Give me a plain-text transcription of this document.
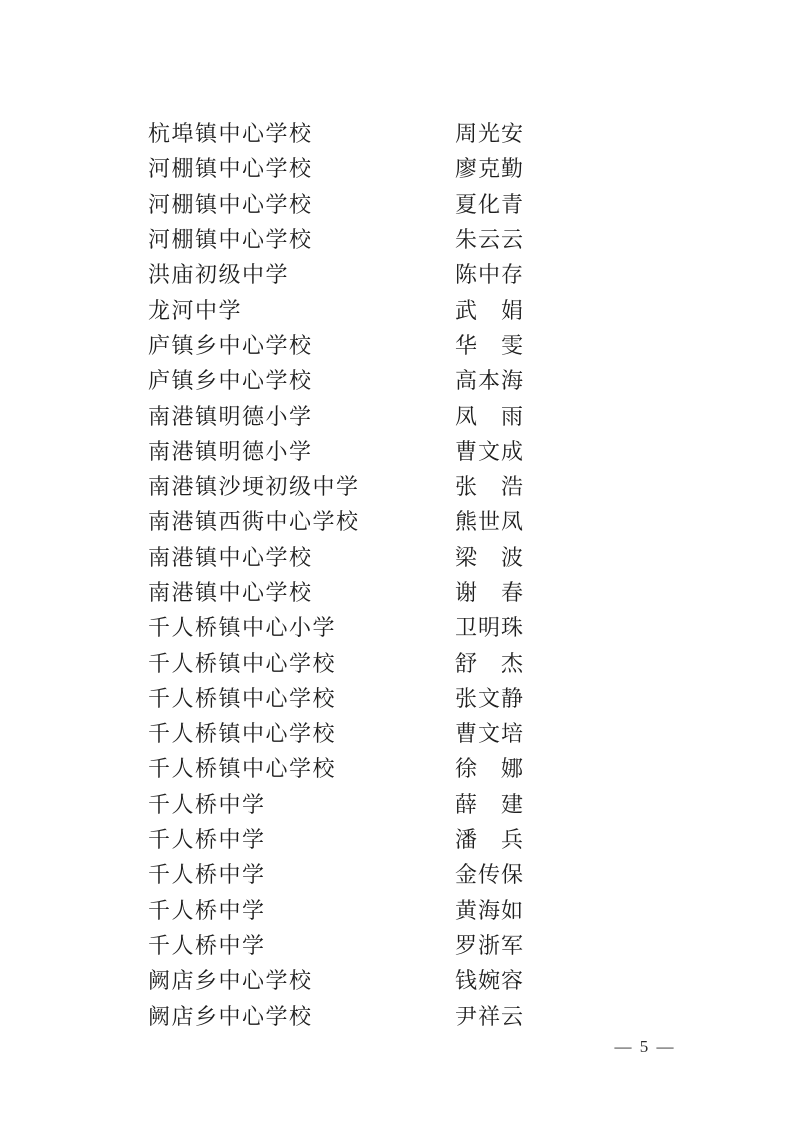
杭埠镇中心学校	周光安
河棚镇中心学校	廖克勤
河棚镇中心学校	夏化青
河棚镇中心学校	朱云云
洪庙初级中学	陈中存
龙河中学	武　娟
庐镇乡中心学校	华　雯
庐镇乡中心学校	高本海
南港镇明德小学	凤　雨
南港镇明德小学	曹文成
南港镇沙埂初级中学	张　浩
南港镇西衖中心学校	熊世凤
南港镇中心学校	梁　波
南港镇中心学校	谢　春
千人桥镇中心小学	卫明珠
千人桥镇中心学校	舒　杰
千人桥镇中心学校	张文静
千人桥镇中心学校	曹文培
千人桥镇中心学校	徐　娜
千人桥中学	薛　建
千人桥中学	潘　兵
千人桥中学	金传保
千人桥中学	黄海如
千人桥中学	罗浙军
阙店乡中心学校	钱婉容
阙店乡中心学校	尹祥云
— 5 —
